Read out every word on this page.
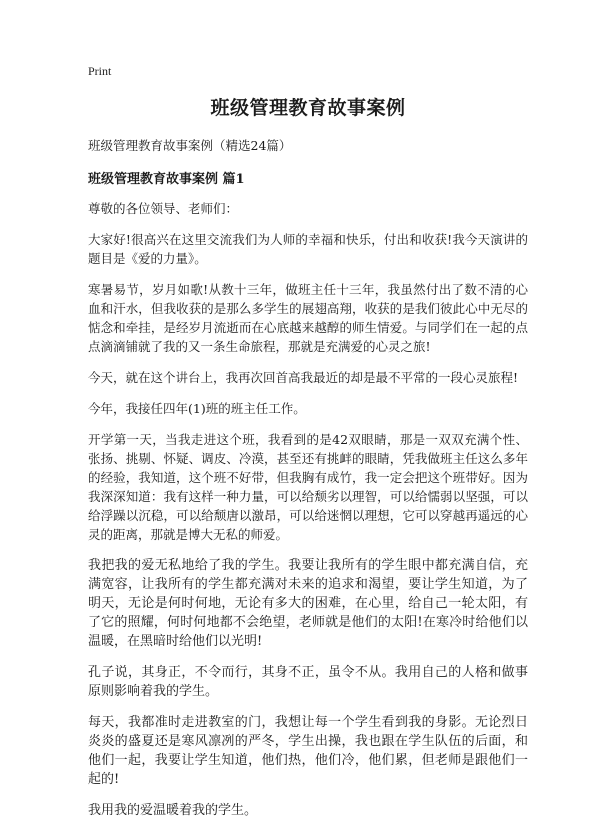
Print

班级管理教育故事案例

班级管理教育故事案例（精选24篇）

班级管理教育故事案例 篇1

尊敬的各位领导、老师们：

大家好!很高兴在这里交流我们为人师的幸福和快乐，付出和收获!我今天演讲的题目是《爱的力量》。

寒暑易节，岁月如歌!从教十三年，做班主任十三年，我虽然付出了数不清的心血和汗水，但我收获的是那么多学生的展翅高翔，收获的是我们彼此心中无尽的惦念和牵挂，是经岁月流逝而在心底越来越醇的师生情爱。与同学们在一起的点点滴滴铺就了我的又一条生命旅程，那就是充满爱的心灵之旅!

今天，就在这个讲台上，我再次回首高我最近的却是最不平常的一段心灵旅程!

今年，我接任四年(1)班的班主任工作。

开学第一天，当我走进这个班，我看到的是42双眼睛，那是一双双充满个性、张扬、挑剔、怀疑、调皮、冷漠，甚至还有挑衅的眼睛，凭我做班主任这么多年的经验，我知道，这个班不好带，但我胸有成竹，我一定会把这个班带好。因为我深深知道：我有这样一种力量，可以给颓劣以理智，可以给懦弱以坚强，可以给浮躁以沉稳，可以给颓唐以激昂，可以给迷惘以理想，它可以穿越再遥远的心灵的距离，那就是博大无私的师爱。

我把我的爱无私地给了我的学生。我要让我所有的学生眼中都充满自信，充满宽容，让我所有的学生都充满对未来的追求和渴望，要让学生知道，为了明天，无论是何时何地，无论有多大的困难，在心里，给自己一轮太阳，有了它的照耀，何时何地都不会绝望，老师就是他们的太阳!在寒冷时给他们以温暖，在黑暗时给他们以光明!

孔子说，其身正，不令而行，其身不正，虽令不从。我用自己的人格和做事原则影响着我的学生。

每天，我都准时走进教室的门，我想让每一个学生看到我的身影。无论烈日炎炎的盛夏还是寒风凛冽的严冬，学生出操，我也跟在学生队伍的后面，和他们一起，我要让学生知道，他们热，他们冷，他们累，但老师是跟他们一起的!

我用我的爱温暖着我的学生。
